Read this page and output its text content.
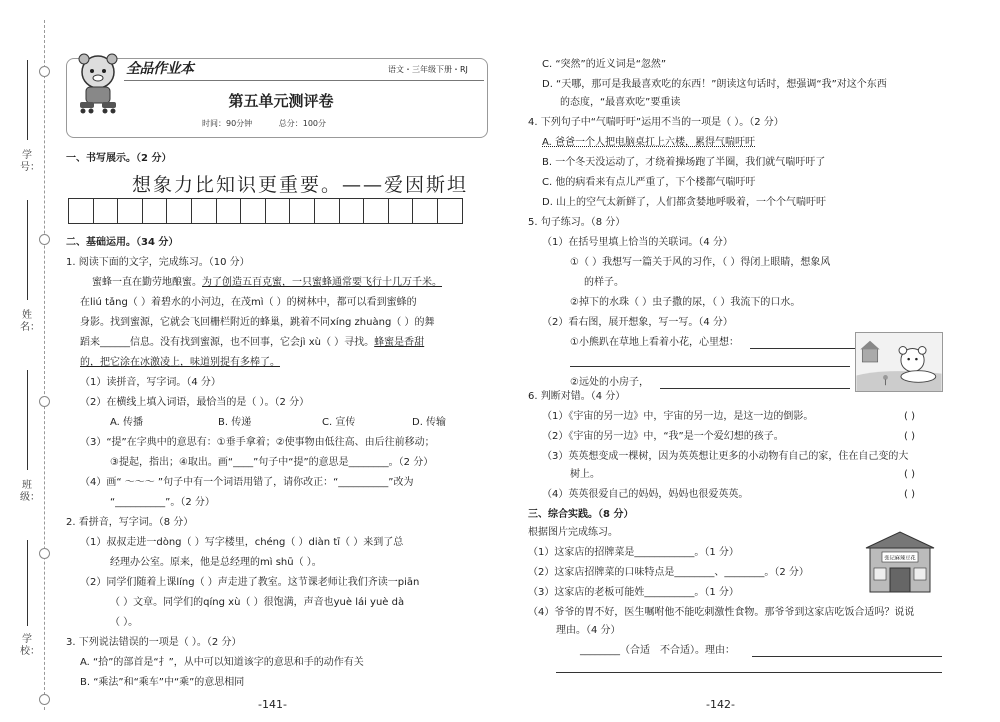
学号：
姓名：
班级：
学校：
全品作业本	语文・三年级下册・RJ
第五单元测评卷
时间：90分钟	总分：100分
一、书写展示。（2 分）
想象力比知识更重要。——爱因斯坦
二、基础运用。（34 分）
1. 阅读下面的文字，完成练习。（10 分）
蜜蜂一直在勤劳地酿蜜。为了创造五百克蜜，一只蜜蜂通常要飞行十几万千米。
在liú tǎng（ ）着碧水的小河边，在茂mì（ ）的树林中，都可以看到蜜蜂的
身影。找到蜜源，它就会飞回栅栏附近的蜂巢，跳着不同xíng zhuàng（ ）的舞
蹈来______信息。没有找到蜜源，也不回事，它会jì xù（ ）寻找。蜂蜜是香甜
的，把它涂在冰激凌上，味道别提有多棒了。
（1）读拼音，写字词。（4 分）
（2）在横线上填入词语，最恰当的是（ ）。（2 分）
A. 传播	B. 传递	C. 宣传	D. 传输
（3）“提”在字典中的意思有：①垂手拿着；②使事物由低往高、由后往前移动；
③提起，指出；④取出。画“____”句子中“提”的意思是________。（2 分）
（4）画“ ～～～ ”句子中有一个词语用错了，请你改正：“__________”改为
“__________”。（2 分）
2. 看拼音，写字词。（8 分）
（1）叔叔走进一dòng（ ）写字楼里，chéng（ ）diàn tī（ ）来到了总
经理办公室。原来，他是总经理的mì shū（ ）。
（2）同学们随着上课líng（ ）声走进了教室。这节课老师让我们齐读一piān
（ ）文章。同学们的qíng xù（ ）很饱满，声音也yuè lái yuè dà
（ ）。
3. 下列说法错误的一项是（ ）。（2 分）
A. “拾”的部首是“扌”，从中可以知道该字的意思和手的动作有关
B. “乘法”和“乘车”中“乘”的意思相同
-141-
C. “突然”的近义词是“忽然”
D. “天哪，那可是我最喜欢吃的东西！”朗读这句话时，想强调“我”对这个东西
的态度，“最喜欢吃”要重读
4. 下列句子中“气喘吁吁”运用不当的一项是（ ）。（2 分）
A. 爸爸一个人把电脑桌扛上六楼，累得气喘吁吁
B. 一个冬天没运动了，才绕着操场跑了半圈，我们就气喘吁吁了
C. 他的病看来有点儿严重了，下个楼都气喘吁吁
D. 山上的空气太新鲜了，人们都贪婪地呼吸着，一个个气喘吁吁
5. 句子练习。（8 分）
（1）在括号里填上恰当的关联词。（4 分）
①（ ）我想写一篇关于风的习作，（ ）得闭上眼睛，想象风
的样子。
②掉下的水珠（ ）虫子撒的尿，（ ）我流下的口水。
（2）看右图，展开想象，写一写。（4 分）
①小熊趴在草地上看着小花，心里想：
②远处的小房子，
6. 判断对错。（4 分）
（1）《宇宙的另一边》中，宇宙的另一边，是这一边的倒影。	( )
（2）《宇宙的另一边》中，“我”是一个爱幻想的孩子。	( )
（3）英英想变成一棵树，因为英英想让更多的小动物有自己的家，住在自己变的大
树上。	( )
（4）英英很爱自己的妈妈，妈妈也很爱英英。	( )
三、综合实践。（8 分）
根据图片完成练习。
（1）这家店的招牌菜是____________。（1 分）
（2）这家店招牌菜的口味特点是________、________。（2 分）
（3）这家店的老板可能姓__________。（1 分）
（4）爷爷的胃不好，医生嘱咐他不能吃刺激性食物。那爷爷到这家店吃饭合适吗？说说
理由。（4 分）
________（合适　不合适）。理由：
张记麻辣豆花
-142-
